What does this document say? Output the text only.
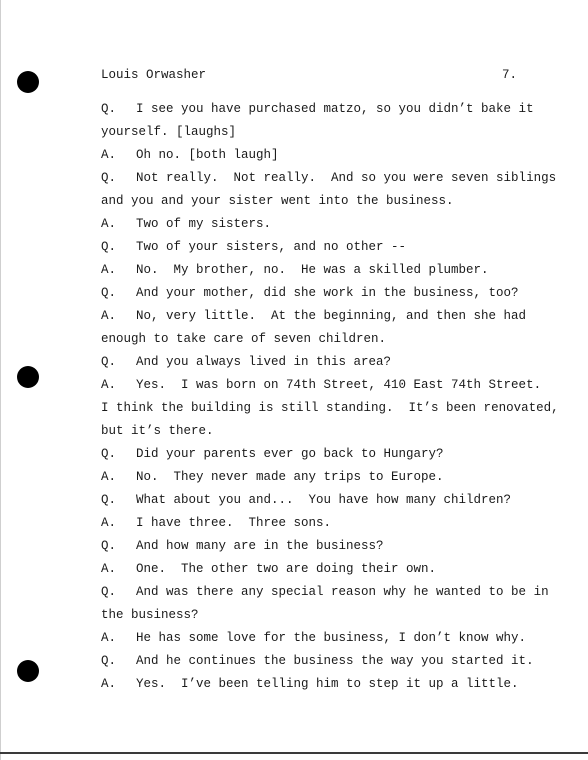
Louis Orwasher	7.
Q. I see you have purchased matzo, so you didn’t bake it
yourself. [laughs]
A. Oh no. [both laugh]
Q. Not really.  Not really.  And so you were seven siblings
and you and your sister went into the business.
A. Two of my sisters.
Q. Two of your sisters, and no other --
A. No.  My brother, no.  He was a skilled plumber.
Q. And your mother, did she work in the business, too?
A. No, very little.  At the beginning, and then she had
enough to take care of seven children.
Q. And you always lived in this area?
A. Yes.  I was born on 74th Street, 410 East 74th Street.
I think the building is still standing.  It’s been renovated,
but it’s there.
Q. Did your parents ever go back to Hungary?
A. No.  They never made any trips to Europe.
Q. What about you and...  You have how many children?
A. I have three.  Three sons.
Q. And how many are in the business?
A. One.  The other two are doing their own.
Q. And was there any special reason why he wanted to be in
the business?
A. He has some love for the business, I don’t know why.
Q. And he continues the business the way you started it.
A. Yes.  I’ve been telling him to step it up a little.
